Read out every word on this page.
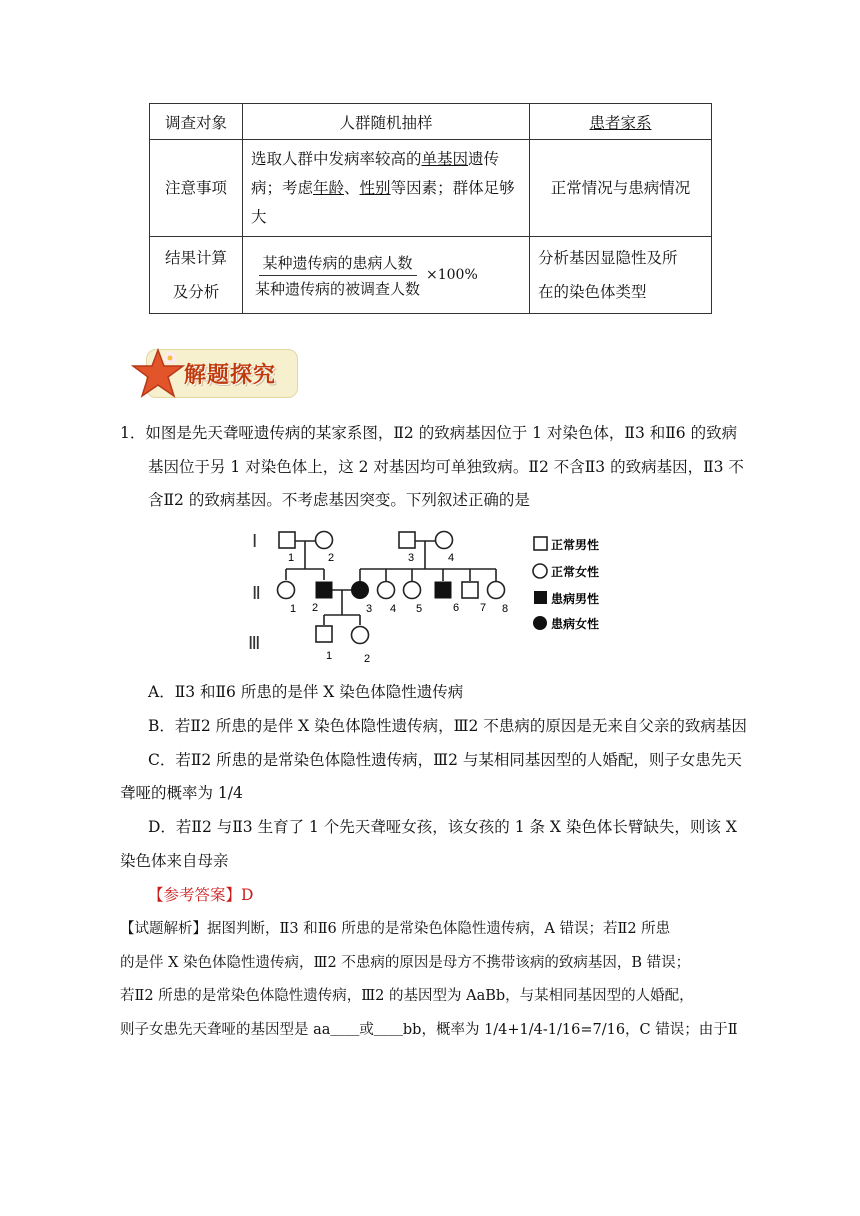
调查对象	人群随机抽样	患者家系
注意事项	选取人群中发病率较高的单基因遗传病；考虑年龄、性别等因素；群体足够大	正常情况与患病情况
结果计算
及分析	$\frac{\text{某种遗传病的患病人数}}{\text{某种遗传病的被调查人数}} \times 100\%$	分析基因显隐性及所
在的染色体类型
解题探究
1．如图是先天聋哑遗传病的某家系图，Ⅱ2 的致病基因位于 1 对染色体，Ⅱ3 和Ⅱ6 的致病
基因位于另 1 对染色体上，这 2 对基因均可单独致病。Ⅱ2 不含Ⅱ3 的致病基因，Ⅱ3 不
含Ⅱ2 的致病基因。不考虑基因突变。下列叙述正确的是
Ⅰ
Ⅱ
Ⅲ
1	2	3	4
1 2	3 4 5	6 7 8
1	2
正常男性
正常女性
患病男性
患病女性
A．Ⅱ3 和Ⅱ6 所患的是伴 X 染色体隐性遗传病
B．若Ⅱ2 所患的是伴 X 染色体隐性遗传病，Ⅲ2 不患病的原因是无来自父亲的致病基因
C．若Ⅱ2 所患的是常染色体隐性遗传病，Ⅲ2 与某相同基因型的人婚配，则子女患先天
聋哑的概率为 1/4
D．若Ⅱ2 与Ⅱ3 生育了 1 个先天聋哑女孩，该女孩的 1 条 X 染色体长臂缺失，则该 X
染色体来自母亲
【参考答案】D
【试题解析】据图判断，Ⅱ3 和Ⅱ6 所患的是常染色体隐性遗传病，A 错误；若Ⅱ2 所患
的是伴 X 染色体隐性遗传病，Ⅲ2 不患病的原因是母方不携带该病的致病基因，B 错误；
若Ⅱ2 所患的是常染色体隐性遗传病，Ⅲ2 的基因型为 AaBb，与某相同基因型的人婚配，
则子女患先天聋哑的基因型是 aa＿＿或＿＿bb，概率为 1/4+1/4-1/16=7/16，C 错误；由于Ⅱ
